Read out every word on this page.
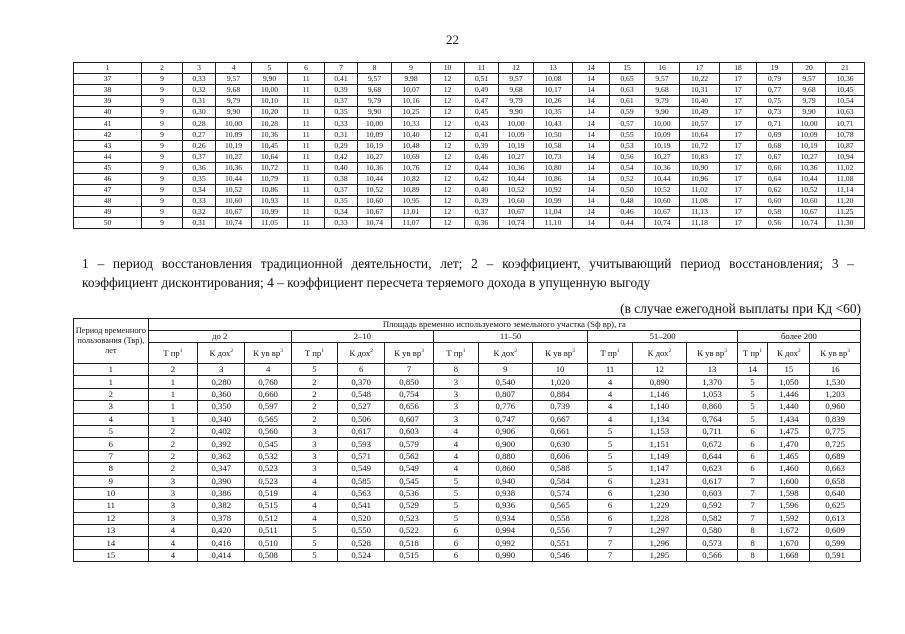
22
1	2	3	4	5	6	7	8	9	10	11	12	13	14	15	16	17	18	19	20	21
37	9	0,33	9,57	9,90	11	0,41	9,57	9,98	12	0,51	9,57	10,08	14	0,65	9,57	10,22	17	0,79	9,57	10,36
38	9	0,32	9,68	10,00	11	0,39	9,68	10,07	12	0,49	9,68	10,17	14	0,63	9,68	10,31	17	0,77	9,68	10,45
39	9	0,31	9,79	10,10	11	0,37	9,79	10,16	12	0,47	9,79	10,26	14	0,61	9,79	10,40	17	0,75	9,79	10,54
40	9	0,30	9,90	10,20	11	0,35	9,90	10,25	12	0,45	9,90	10,35	14	0,59	9,90	10,49	17	0,73	9,90	10,63
41	9	0,28	10,00	10,28	11	0,33	10,00	10,33	12	0,43	10,00	10,43	14	0,57	10,00	10,57	17	0,71	10,00	10,71
42	9	0,27	10,09	10,36	11	0,31	10,09	10,40	12	0,41	10,09	10,50	14	0,55	10,09	10,64	17	0,69	10,09	10,78
43	9	0,26	10,19	10,45	11	0,29	10,19	10,48	12	0,39	10,19	10,58	14	0,53	10,19	10,72	17	0,68	10,19	10,87
44	9	0,37	10,27	10,64	11	0,42	10,27	10,69	12	0,46	10,27	10,73	14	0,56	10,27	10,83	17	0,67	10,27	10,94
45	9	0,36	10,36	10,72	11	0,40	10,36	10,76	12	0,44	10,36	10,80	14	0,54	10,36	10,90	17	0,66	10,36	11,02
46	9	0,35	10,44	10,79	11	0,38	10,44	10,82	12	0,42	10,44	10,86	14	0,52	10,44	10,96	17	0,64	10,44	11,08
47	9	0,34	10,52	10,86	11	0,37	10,52	10,89	12	0,40	10,52	10,92	14	0,50	10,52	11,02	17	0,62	10,52	11,14
48	9	0,33	10,60	10,93	11	0,35	10,60	10,95	12	0,39	10,60	10,99	14	0,48	10,60	11,08	17	0,60	10,60	11,20
49	9	0,32	10,67	10,99	11	0,34	10,67	11,01	12	0,37	10,67	11,04	14	0,46	10,67	11,13	17	0,58	10,67	11,25
50	9	0,31	10,74	11,05	11	0,33	10,74	11,07	12	0,36	10,74	11,10	14	0,44	10,74	11,18	17	0,56	10,74	11,30
1 – период восстановления традиционной деятельности, лет; 2 – коэффициент, учитывающий период восстановления; 3 – коэффициент дисконтирования; 4 – коэффициент пересчета теряемого дохода в упущенную выгоду
(в случае ежегодной выплаты при Кд <60)
Период временного пользования (Твр), лет	Площадь временно используемого земельного участка (Sф вр), га														
	до 2			2–10			11–50			51–200			более 200		
	Т $пр^1$	К дох$^2$	К ув $вр^3$	Т $пр^1$	К дох$^2$	К ув $вр^3$	Т $пр^1$	К дох$^2$	К ув $вр^3$	Т $пр^1$	К дох$^2$	К ув $вр^3$	Т $пр^1$	К дох$^2$	К ув $вр^3$
1	2	3	4	5	6	7	8	9	10	11	12	13	14	15	16
1	1	0,280	0,760	2	0,370	0,850	3	0,540	1,020	4	0,890	1,370	5	1,050	1,530
2	1	0,360	0,660	2	0,548	0,754	3	0,807	0,884	4	1,146	1,053	5	1,446	1,203
3	1	0,350	0,597	2	0,527	0,656	3	0,776	0,739	4	1,140	0,860	5	1,440	0,960
4	1	0,340	0,565	2	0,506	0,607	3	0,747	0,667	4	1,134	0,764	5	1,434	0,839
5	2	0,402	0,560	3	0,617	0,603	4	0,906	0,661	5	1,153	0,711	6	1,475	0,775
6	2	0,392	0,545	3	0,593	0,579	4	0,900	0,630	5	1,151	0,672	6	1,470	0,725
7	2	0,362	0,532	3	0,571	0,562	4	0,880	0,606	5	1,149	0,644	6	1,465	0,689
8	2	0,347	0,523	3	0,549	0,549	4	0,860	0,588	5	1,147	0,623	6	1,460	0,663
9	3	0,390	0,523	4	0,585	0,545	5	0,940	0,584	6	1,231	0,617	7	1,600	0,658
10	3	0,386	0,519	4	0,563	0,536	5	0,938	0,574	6	1,230	0,603	7	1,598	0,640
11	3	0,382	0,515	4	0,541	0,529	5	0,936	0,565	6	1,229	0,592	7	1,596	0,625
12	3	0,378	0,512	4	0,520	0,523	5	0,934	0,558	6	1,228	0,582	7	1,592	0,613
13	4	0,420	0,511	5	0,550	0,522	6	0,994	0,556	7	1,297	0,580	8	1,672	0,609
14	4	0,416	0,510	5	0,528	0,518	6	0,992	0,551	7	1,296	0,573	8	1,670	0,599
15	4	0,414	0,508	5	0,524	0,515	6	0,990	0,546	7	1,295	0,566	8	1,668	0,591
